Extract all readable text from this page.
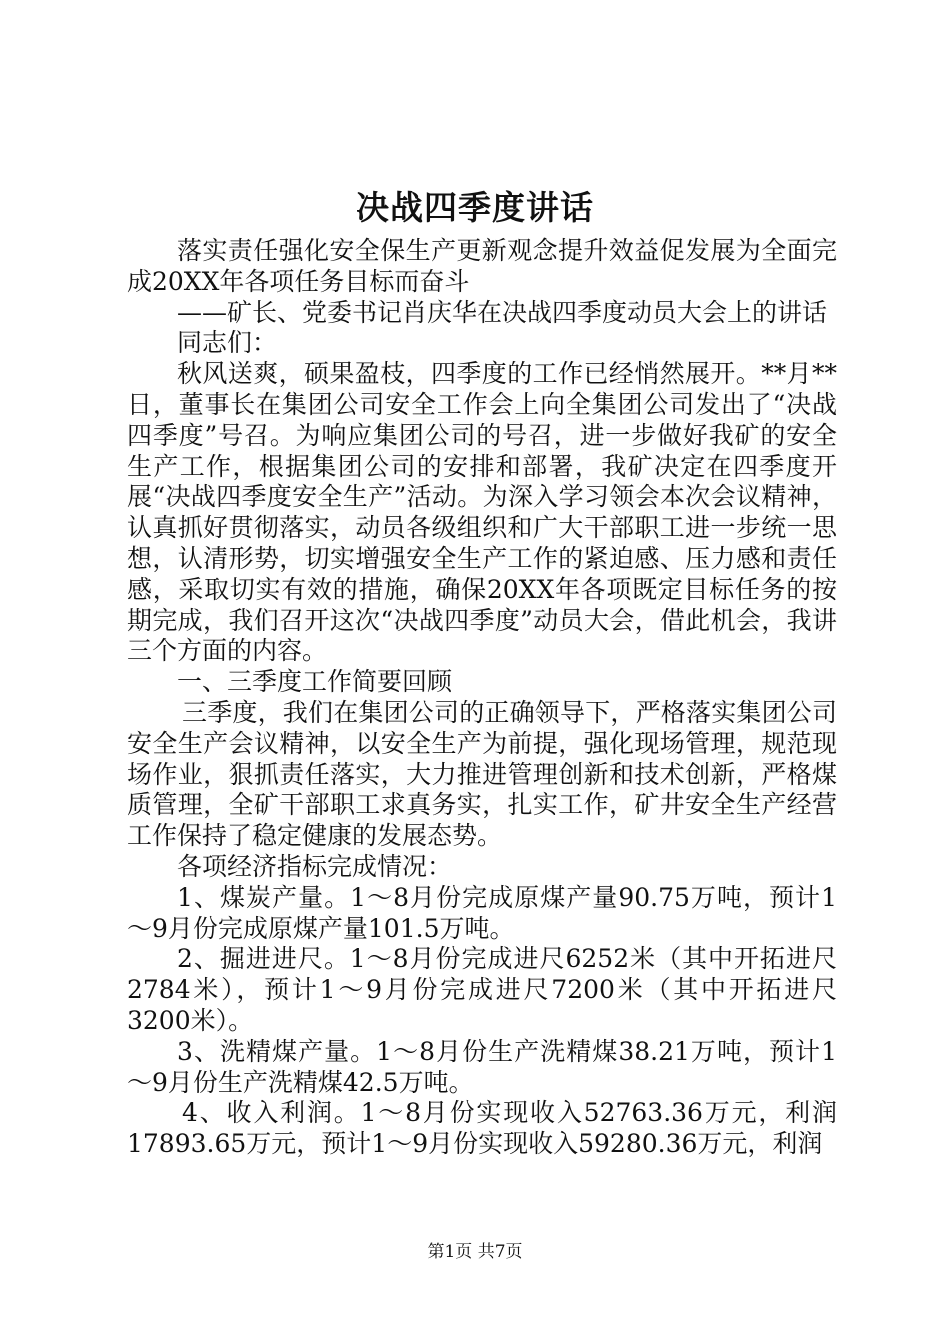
决战四季度讲话

落实责任强化安全保生产更新观念提升效益促发展为全面完成20XX年各项任务目标而奋斗

——矿长、党委书记肖庆华在决战四季度动员大会上的讲话

同志们：

秋风送爽，硕果盈枝，四季度的工作已经悄然展开。**月**日，董事长在集团公司安全工作会上向全集团公司发出了“决战四季度”号召。为响应集团公司的号召，进一步做好我矿的安全生产工作，根据集团公司的安排和部署，我矿决定在四季度开展“决战四季度安全生产”活动。为深入学习领会本次会议精神，认真抓好贯彻落实，动员各级组织和广大干部职工进一步统一思想，认清形势，切实增强安全生产工作的紧迫感、压力感和责任感，采取切实有效的措施，确保20XX年各项既定目标任务的按期完成，我们召开这次“决战四季度”动员大会，借此机会，我讲三个方面的内容。

一、三季度工作简要回顾

三季度，我们在集团公司的正确领导下，严格落实集团公司安全生产会议精神，以安全生产为前提，强化现场管理，规范现场作业，狠抓责任落实，大力推进管理创新和技术创新，严格煤质管理，全矿干部职工求真务实，扎实工作，矿井安全生产经营工作保持了稳定健康的发展态势。

各项经济指标完成情况：

1、煤炭产量。1～8月份完成原煤产量90.75万吨，预计1～9月份完成原煤产量101.5万吨。

2、掘进进尺。1～8月份完成进尺6252米（其中开拓进尺2784米），预计1～9月份完成进尺7200米（其中开拓进尺3200米）。

3、洗精煤产量。1～8月份生产洗精煤38.21万吨，预计1～9月份生产洗精煤42.5万吨。

4、收入利润。1～8月份实现收入52763.36万元，利润17893.65万元，预计1～9月份实现收入59280.36万元，利润

第1页 共7页
